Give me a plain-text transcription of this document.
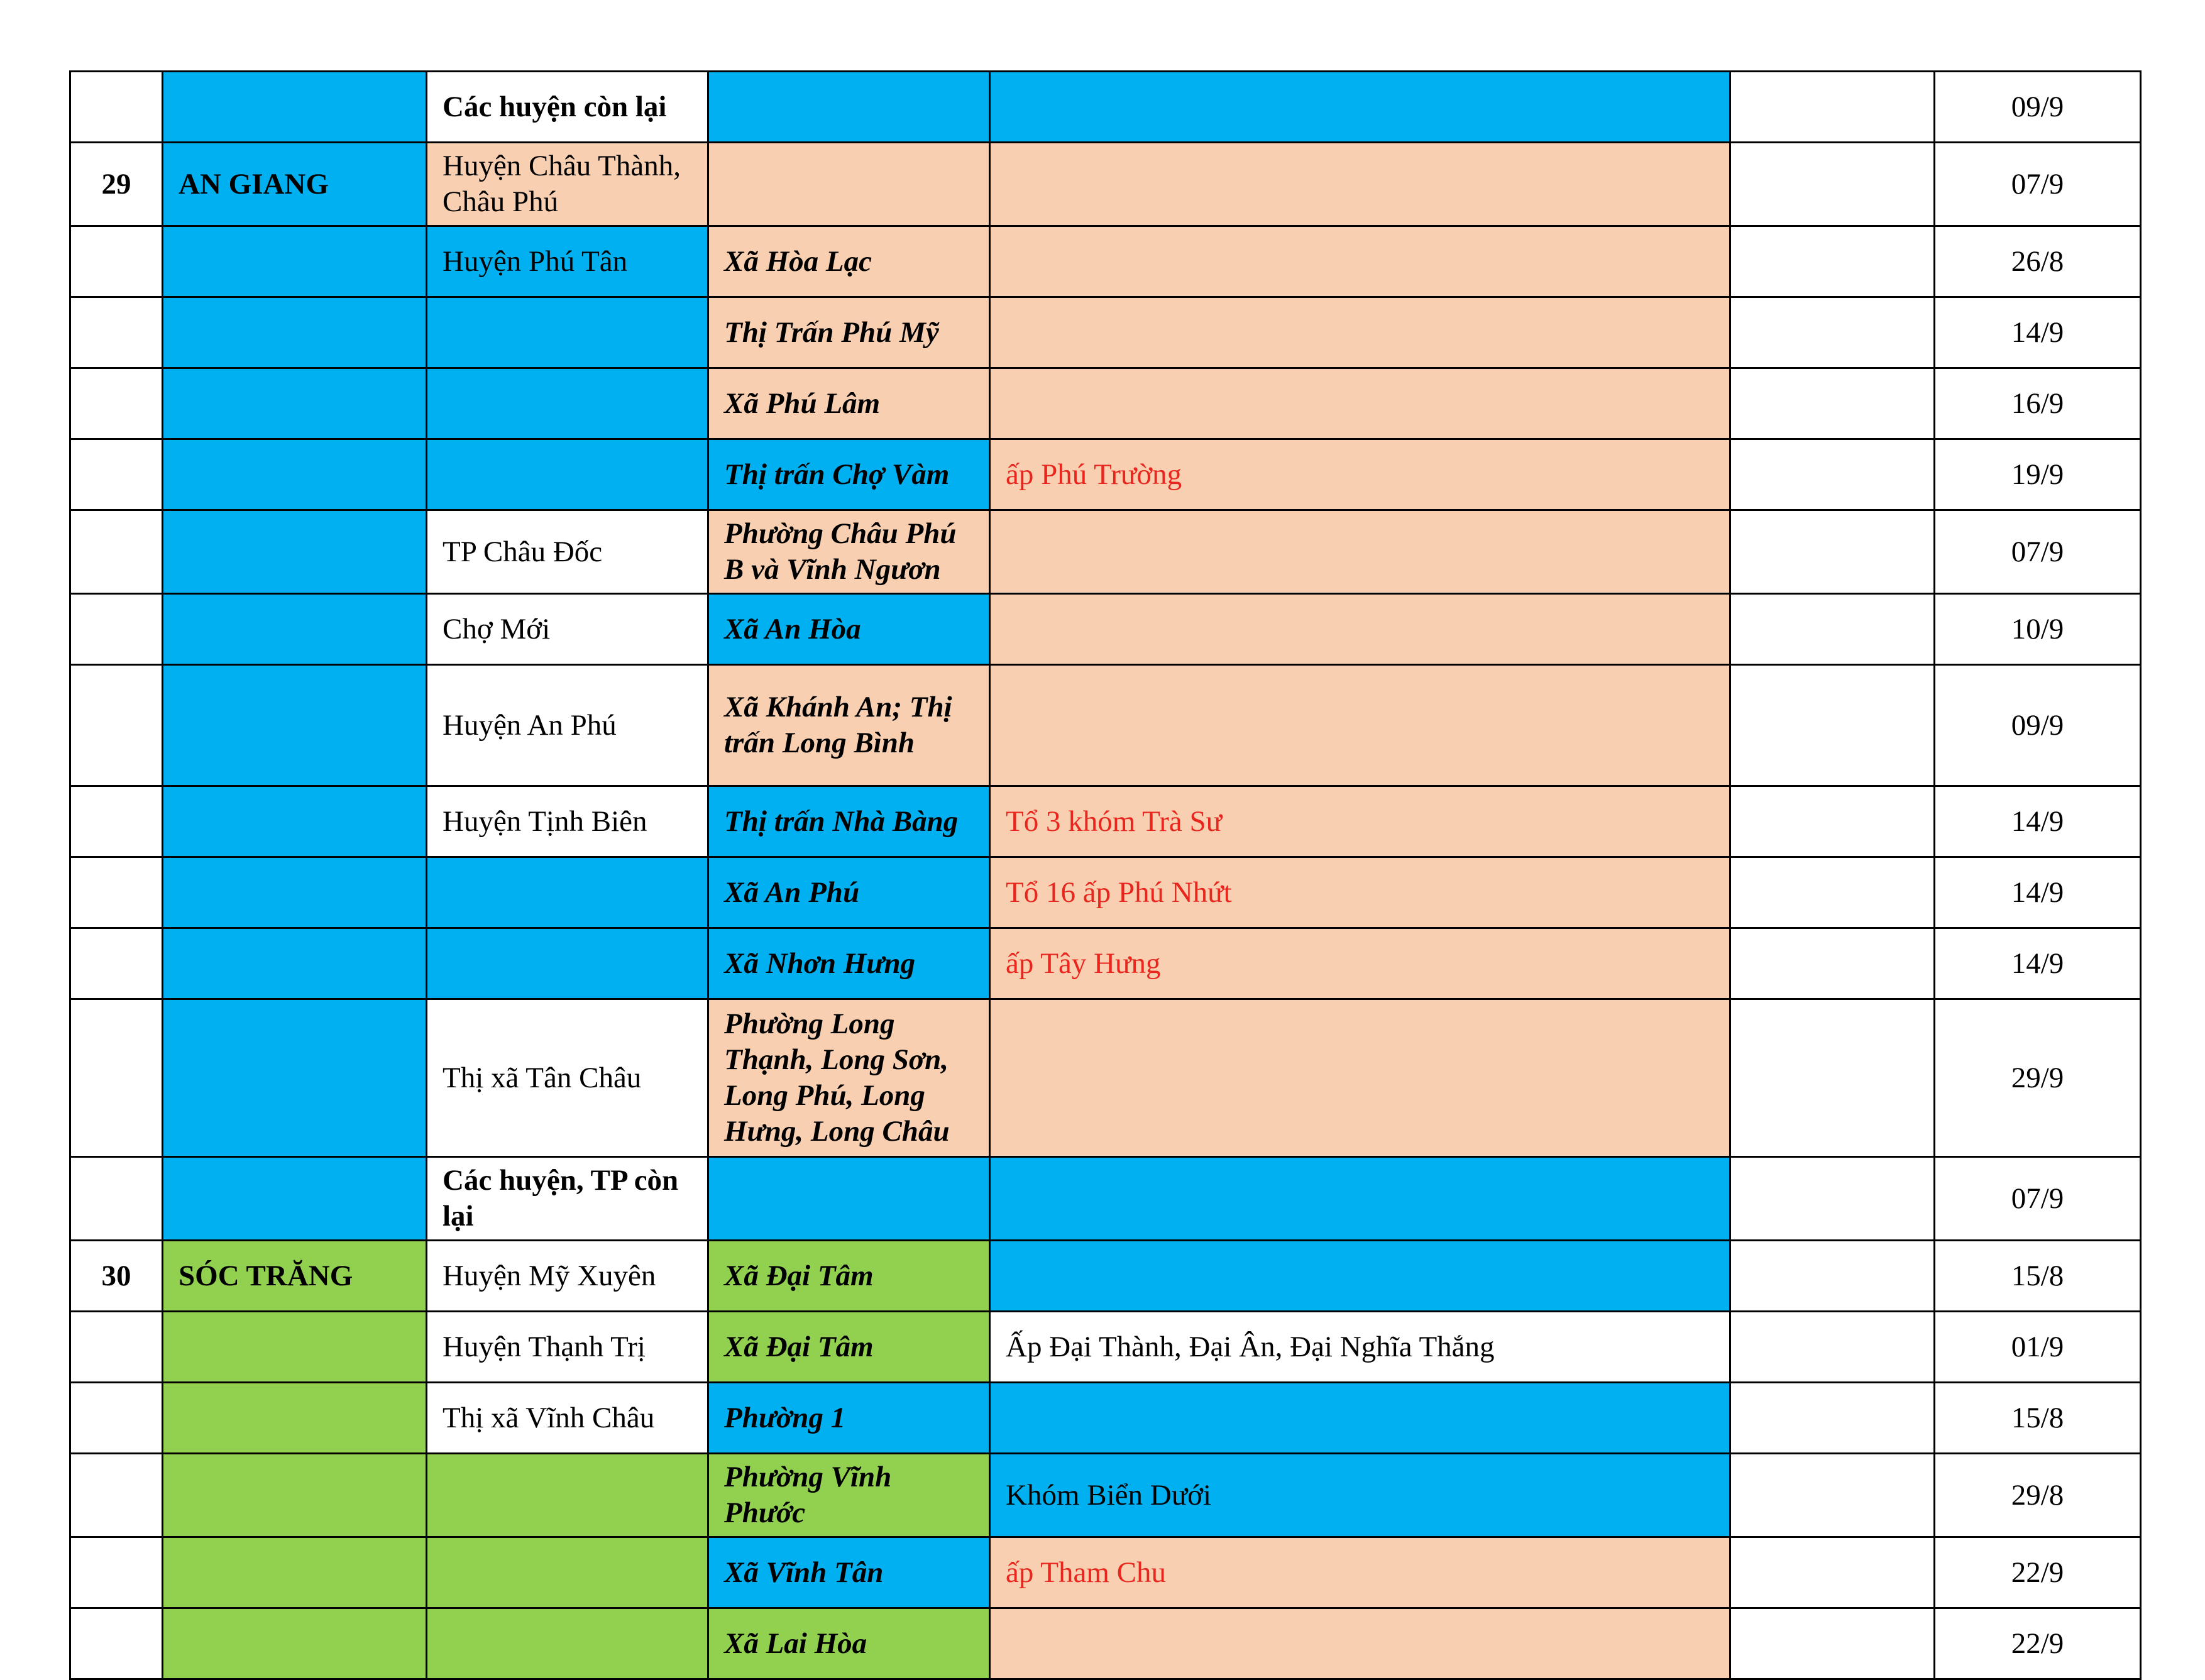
		Các huyện còn lại				09/9
29	AN GIANG	Huyện Châu Thành, Châu Phú				07/9
		Huyện Phú Tân	Xã Hòa Lạc			26/8
			Thị Trấn Phú Mỹ			14/9
			Xã Phú Lâm			16/9
			Thị trấn Chợ Vàm	ấp Phú Trường		19/9
		TP Châu Đốc	Phường Châu Phú B và Vĩnh Ngươn			07/9
		Chợ Mới	Xã An Hòa			10/9
		Huyện An Phú	Xã Khánh An; Thị trấn Long Bình			09/9
		Huyện Tịnh Biên	Thị trấn Nhà Bàng	Tổ 3 khóm Trà Sư		14/9
			Xã An Phú	Tổ 16 ấp Phú Nhứt		14/9
			Xã Nhơn Hưng	ấp Tây Hưng		14/9
		Thị xã Tân Châu	Phường Long Thạnh, Long Sơn, Long Phú, Long Hưng, Long Châu			29/9
		Các huyện, TP còn lại				07/9
30	SÓC TRĂNG	Huyện Mỹ Xuyên	Xã Đại Tâm			15/8
		Huyện Thạnh Trị	Xã Đại Tâm	Ấp Đại Thành, Đại Ân, Đại Nghĩa Thắng		01/9
		Thị xã Vĩnh Châu	Phường 1			15/8
			Phường Vĩnh Phước	Khóm Biển Dưới		29/8
			Xã Vĩnh Tân	ấp Tham Chu		22/9
			Xã Lai Hòa			22/9
